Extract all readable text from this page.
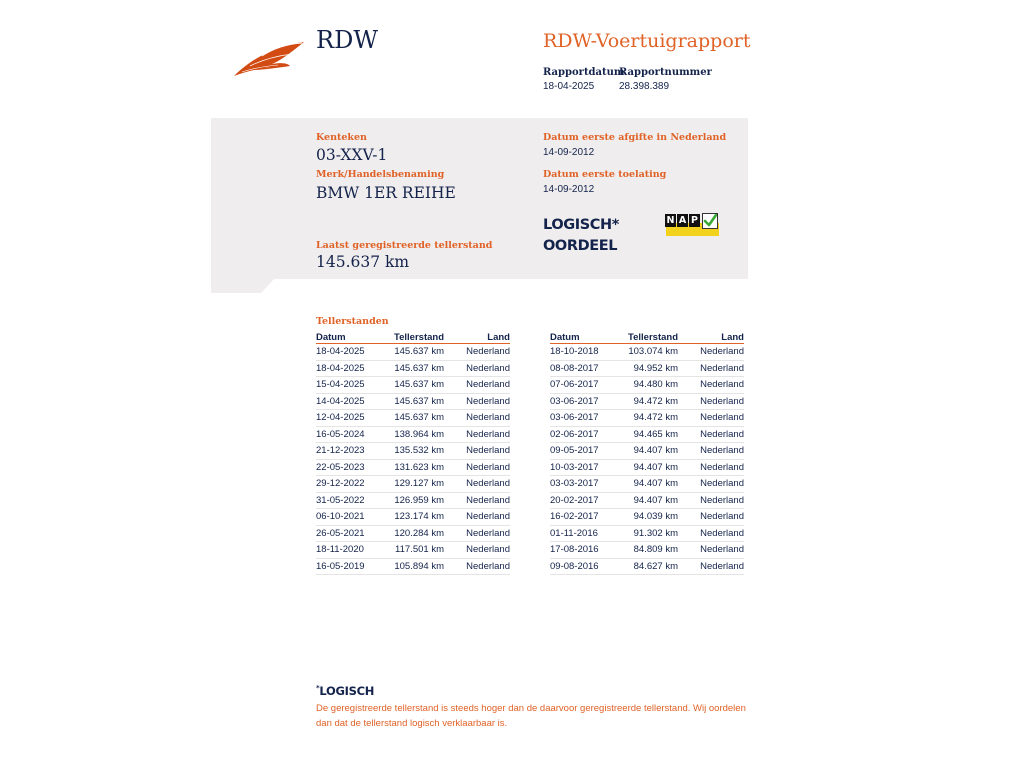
RDW	RDW-Voertuigrapport
Rapportdatum
18-04-2025
Rapportnummer
28.398.389
Kenteken
03-XXV-1
Merk/Handelsbenaming
BMW 1ER REIHE
Laatst geregistreerde tellerstand
145.637 km
Datum eerste afgifte in Nederland
14-09-2012
Datum eerste toelating
14-09-2012
LOGISCH*
OORDEEL
N A P
Tellerstanden
Datum	Tellerstand	Land
18-04-2025	145.637 km	Nederland
18-04-2025	145.637 km	Nederland
15-04-2025	145.637 km	Nederland
14-04-2025	145.637 km	Nederland
12-04-2025	145.637 km	Nederland
16-05-2024	138.964 km	Nederland
21-12-2023	135.532 km	Nederland
22-05-2023	131.623 km	Nederland
29-12-2022	129.127 km	Nederland
31-05-2022	126.959 km	Nederland
06-10-2021	123.174 km	Nederland
26-05-2021	120.284 km	Nederland
18-11-2020	117.501 km	Nederland
16-05-2019	105.894 km	Nederland
Datum	Tellerstand	Land
18-10-2018	103.074 km	Nederland
08-08-2017	94.952 km	Nederland
07-06-2017	94.480 km	Nederland
03-06-2017	94.472 km	Nederland
03-06-2017	94.472 km	Nederland
02-06-2017	94.465 km	Nederland
09-05-2017	94.407 km	Nederland
10-03-2017	94.407 km	Nederland
03-03-2017	94.407 km	Nederland
20-02-2017	94.407 km	Nederland
16-02-2017	94.039 km	Nederland
01-11-2016	91.302 km	Nederland
17-08-2016	84.809 km	Nederland
09-08-2016	84.627 km	Nederland
*LOGISCH
De geregistreerde tellerstand is steeds hoger dan de daarvoor geregistreerde tellerstand. Wij oordelen dan dat de tellerstand logisch verklaarbaar is.
